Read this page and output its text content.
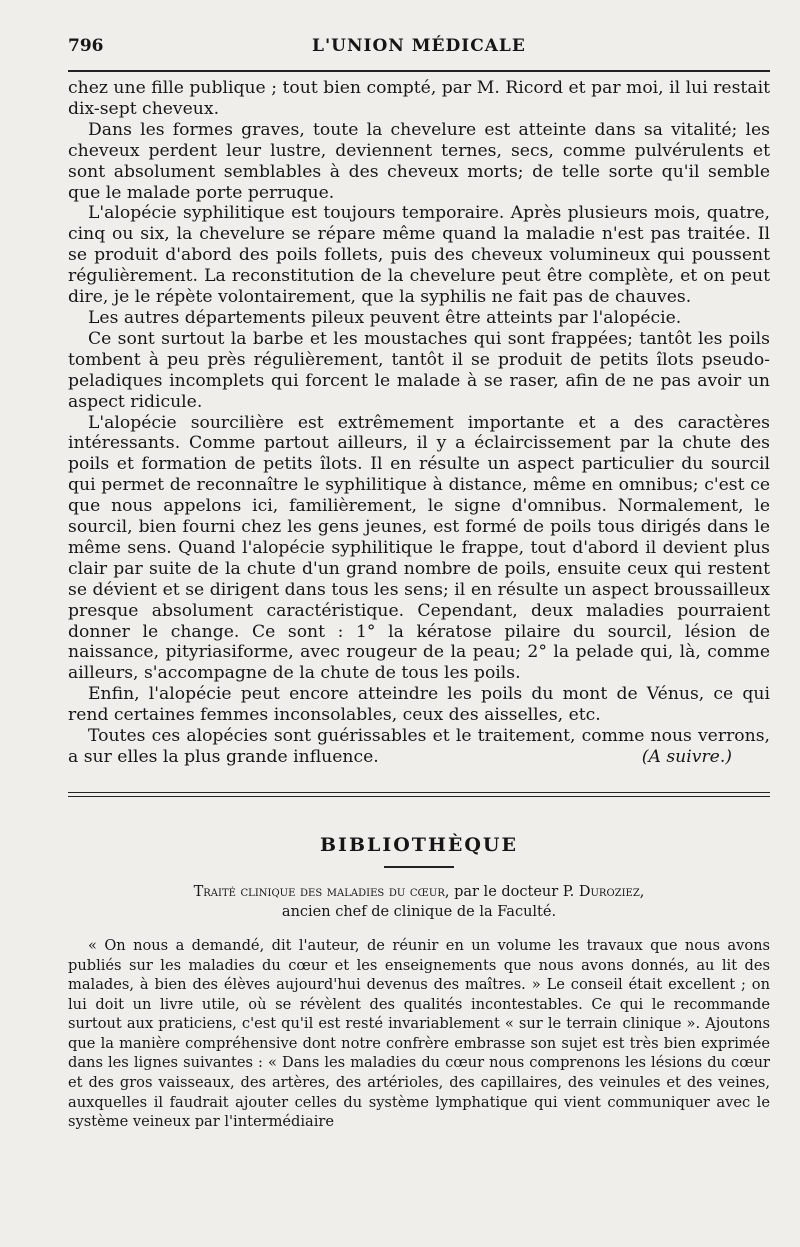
796	L'UNION MÉDICALE

chez une fille publique ; tout bien compté, par M. Ricord et par moi, il lui restait dix-sept cheveux.

Dans les formes graves, toute la chevelure est atteinte dans sa vitalité; les cheveux perdent leur lustre, deviennent ternes, secs, comme pulvérulents et sont absolument semblables à des cheveux morts; de telle sorte qu'il semble que le malade porte perruque.

L'alopécie syphilitique est toujours temporaire. Après plusieurs mois, quatre, cinq ou six, la chevelure se répare même quand la maladie n'est pas traitée. Il se produit d'abord des poils follets, puis des cheveux volumineux qui poussent régulièrement. La reconstitution de la chevelure peut être complète, et on peut dire, je le répète volontairement, que la syphilis ne fait pas de chauves.

Les autres départements pileux peuvent être atteints par l'alopécie.

Ce sont surtout la barbe et les moustaches qui sont frappées; tantôt les poils tombent à peu près régulièrement, tantôt il se produit de petits îlots pseudo-peladiques incomplets qui forcent le malade à se raser, afin de ne pas avoir un aspect ridicule.

L'alopécie sourcilière est extrêmement importante et a des caractères intéressants. Comme partout ailleurs, il y a éclaircissement par la chute des poils et formation de petits îlots. Il en résulte un aspect particulier du sourcil qui permet de reconnaître le syphilitique à distance, même en omnibus; c'est ce que nous appelons ici, familièrement, le signe d'omnibus. Normalement, le sourcil, bien fourni chez les gens jeunes, est formé de poils tous dirigés dans le même sens. Quand l'alopécie syphilitique le frappe, tout d'abord il devient plus clair par suite de la chute d'un grand nombre de poils, ensuite ceux qui restent se dévient et se dirigent dans tous les sens; il en résulte un aspect broussailleux presque absolument caractéristique. Cependant, deux maladies pourraient donner le change. Ce sont : 1° la kératose pilaire du sourcil, lésion de naissance, pityriasiforme, avec rougeur de la peau; 2° la pelade qui, là, comme ailleurs, s'accompagne de la chute de tous les poils.

Enfin, l'alopécie peut encore atteindre les poils du mont de Vénus, ce qui rend certaines femmes inconsolables, ceux des aisselles, etc.

Toutes ces alopécies sont guérissables et le traitement, comme nous verrons, a sur elles la plus grande influence.	(A suivre.)

BIBLIOTHÈQUE
Traité clinique des maladies du cœur, par le docteur P. Duroziez,
ancien chef de clinique de la Faculté.

« On nous a demandé, dit l'auteur, de réunir en un volume les travaux que nous avons publiés sur les maladies du cœur et les enseignements que nous avons donnés, au lit des malades, à bien des élèves aujourd'hui devenus des maîtres. » Le conseil était excellent ; on lui doit un livre utile, où se révèlent des qualités incontestables. Ce qui le recommande surtout aux praticiens, c'est qu'il est resté invariablement « sur le terrain clinique ». Ajoutons que la manière compréhensive dont notre confrère embrasse son sujet est très bien exprimée dans les lignes suivantes : « Dans les maladies du cœur nous comprenons les lésions du cœur et des gros vaisseaux, des artères, des artérioles, des capillaires, des veinules et des veines, auxquelles il faudrait ajouter celles du système lymphatique qui vient communiquer avec le système veineux par l'intermédiaire
